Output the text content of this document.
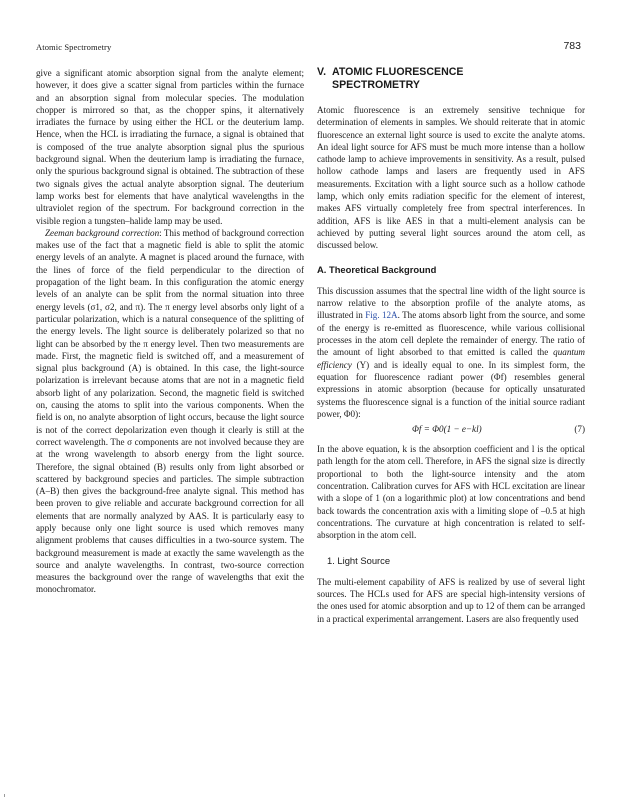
Atomic Spectrometry	783

give a significant atomic absorption signal from the analyte element; however, it does give a scatter signal from particles within the furnace and an absorption signal from molecular species. The modulation chopper is mirrored so that, as the chopper spins, it alternatively irradiates the furnace by using either the HCL or the deuterium lamp. Hence, when the HCL is irradiating the furnace, a signal is obtained that is composed of the true analyte absorption signal plus the spurious background signal. When the deuterium lamp is irradiating the furnace, only the spurious background signal is obtained. The subtraction of these two signals gives the actual analyte absorption signal. The deuterium lamp works best for elements that have analytical wavelengths in the ultraviolet region of the spectrum. For background correction in the visible region a tungsten–halide lamp may be used.

Zeeman background correction: This method of background correction makes use of the fact that a magnetic field is able to split the atomic energy levels of an analyte. A magnet is placed around the furnace, with the lines of force of the field perpendicular to the direction of propagation of the light beam. In this configuration the atomic energy levels of an analyte can be split from the normal situation into three energy levels (σ1, σ2, and π). The π energy level absorbs only light of a particular polarization, which is a natural consequence of the splitting of the energy levels. The light source is deliberately polarized so that no light can be absorbed by the π energy level. Then two measurements are made. First, the magnetic field is switched off, and a measurement of signal plus background (A) is obtained. In this case, the light-source polarization is irrelevant because atoms that are not in a magnetic field absorb light of any polarization. Second, the magnetic field is switched on, causing the atoms to split into the various components. When the field is on, no analyte absorption of light occurs, because the light source is not of the correct depolarization even though it clearly is still at the correct wavelength. The σ components are not involved because they are at the wrong wavelength to absorb energy from the light source. Therefore, the signal obtained (B) results only from light absorbed or scattered by background species and particles. The simple subtraction (A–B) then gives the background-free analyte signal. This method has been proven to give reliable and accurate background correction for all elements that are normally analyzed by AAS. It is particularly easy to apply because only one light source is used which removes many alignment problems that causes difficulties in a two-source system. The background measurement is made at exactly the same wavelength as the source and analyte wavelengths. In contrast, two-source correction measures the background over the range of wavelengths that exit the monochromator.

V. ATOMIC FLUORESCENCE
SPECTROMETRY

Atomic fluorescence is an extremely sensitive technique for determination of elements in samples. We should reiterate that in atomic fluorescence an external light source is used to excite the analyte atoms. An ideal light source for AFS must be much more intense than a hollow cathode lamp to achieve improvements in sensitivity. As a result, pulsed hollow cathode lamps and lasers are frequently used in AFS measurements. Excitation with a light source such as a hollow cathode lamp, which only emits radiation specific for the element of interest, makes AFS virtually completely free from spectral interferences. In addition, AFS is like AES in that a multi-element analysis can be achieved by putting several light sources around the atom cell, as discussed below.

A. Theoretical Background

This discussion assumes that the spectral line width of the light source is narrow relative to the absorption profile of the analyte atoms, as illustrated in Fig. 12A. The atoms absorb light from the source, and some of the energy is re-emitted as fluorescence, while various collisional processes in the atom cell deplete the remainder of energy. The ratio of the amount of light absorbed to that emitted is called the quantum efficiency (Y) and is ideally equal to one. In its simplest form, the equation for fluorescence radiant power (Φf) resembles general expressions in atomic absorption (because for optically unsaturated systems the fluorescence signal is a function of the initial source radiant power, Φ0):

Φf = Φ0(1 − e−kl)	(7)

In the above equation, k is the absorption coefficient and l is the optical path length for the atom cell. Therefore, in AFS the signal size is directly proportional to both the light-source intensity and the atom concentration. Calibration curves for AFS with HCL excitation are linear with a slope of 1 (on a logarithmic plot) at low concentrations and bend back towards the concentration axis with a limiting slope of –0.5 at high concentrations. The curvature at high concentration is related to self-absorption in the atom cell.

1. Light Source

The multi-element capability of AFS is realized by use of several light sources. The HCLs used for AFS are special high-intensity versions of the ones used for atomic absorption and up to 12 of them can be arranged in a practical experimental arrangement. Lasers are also frequently used
